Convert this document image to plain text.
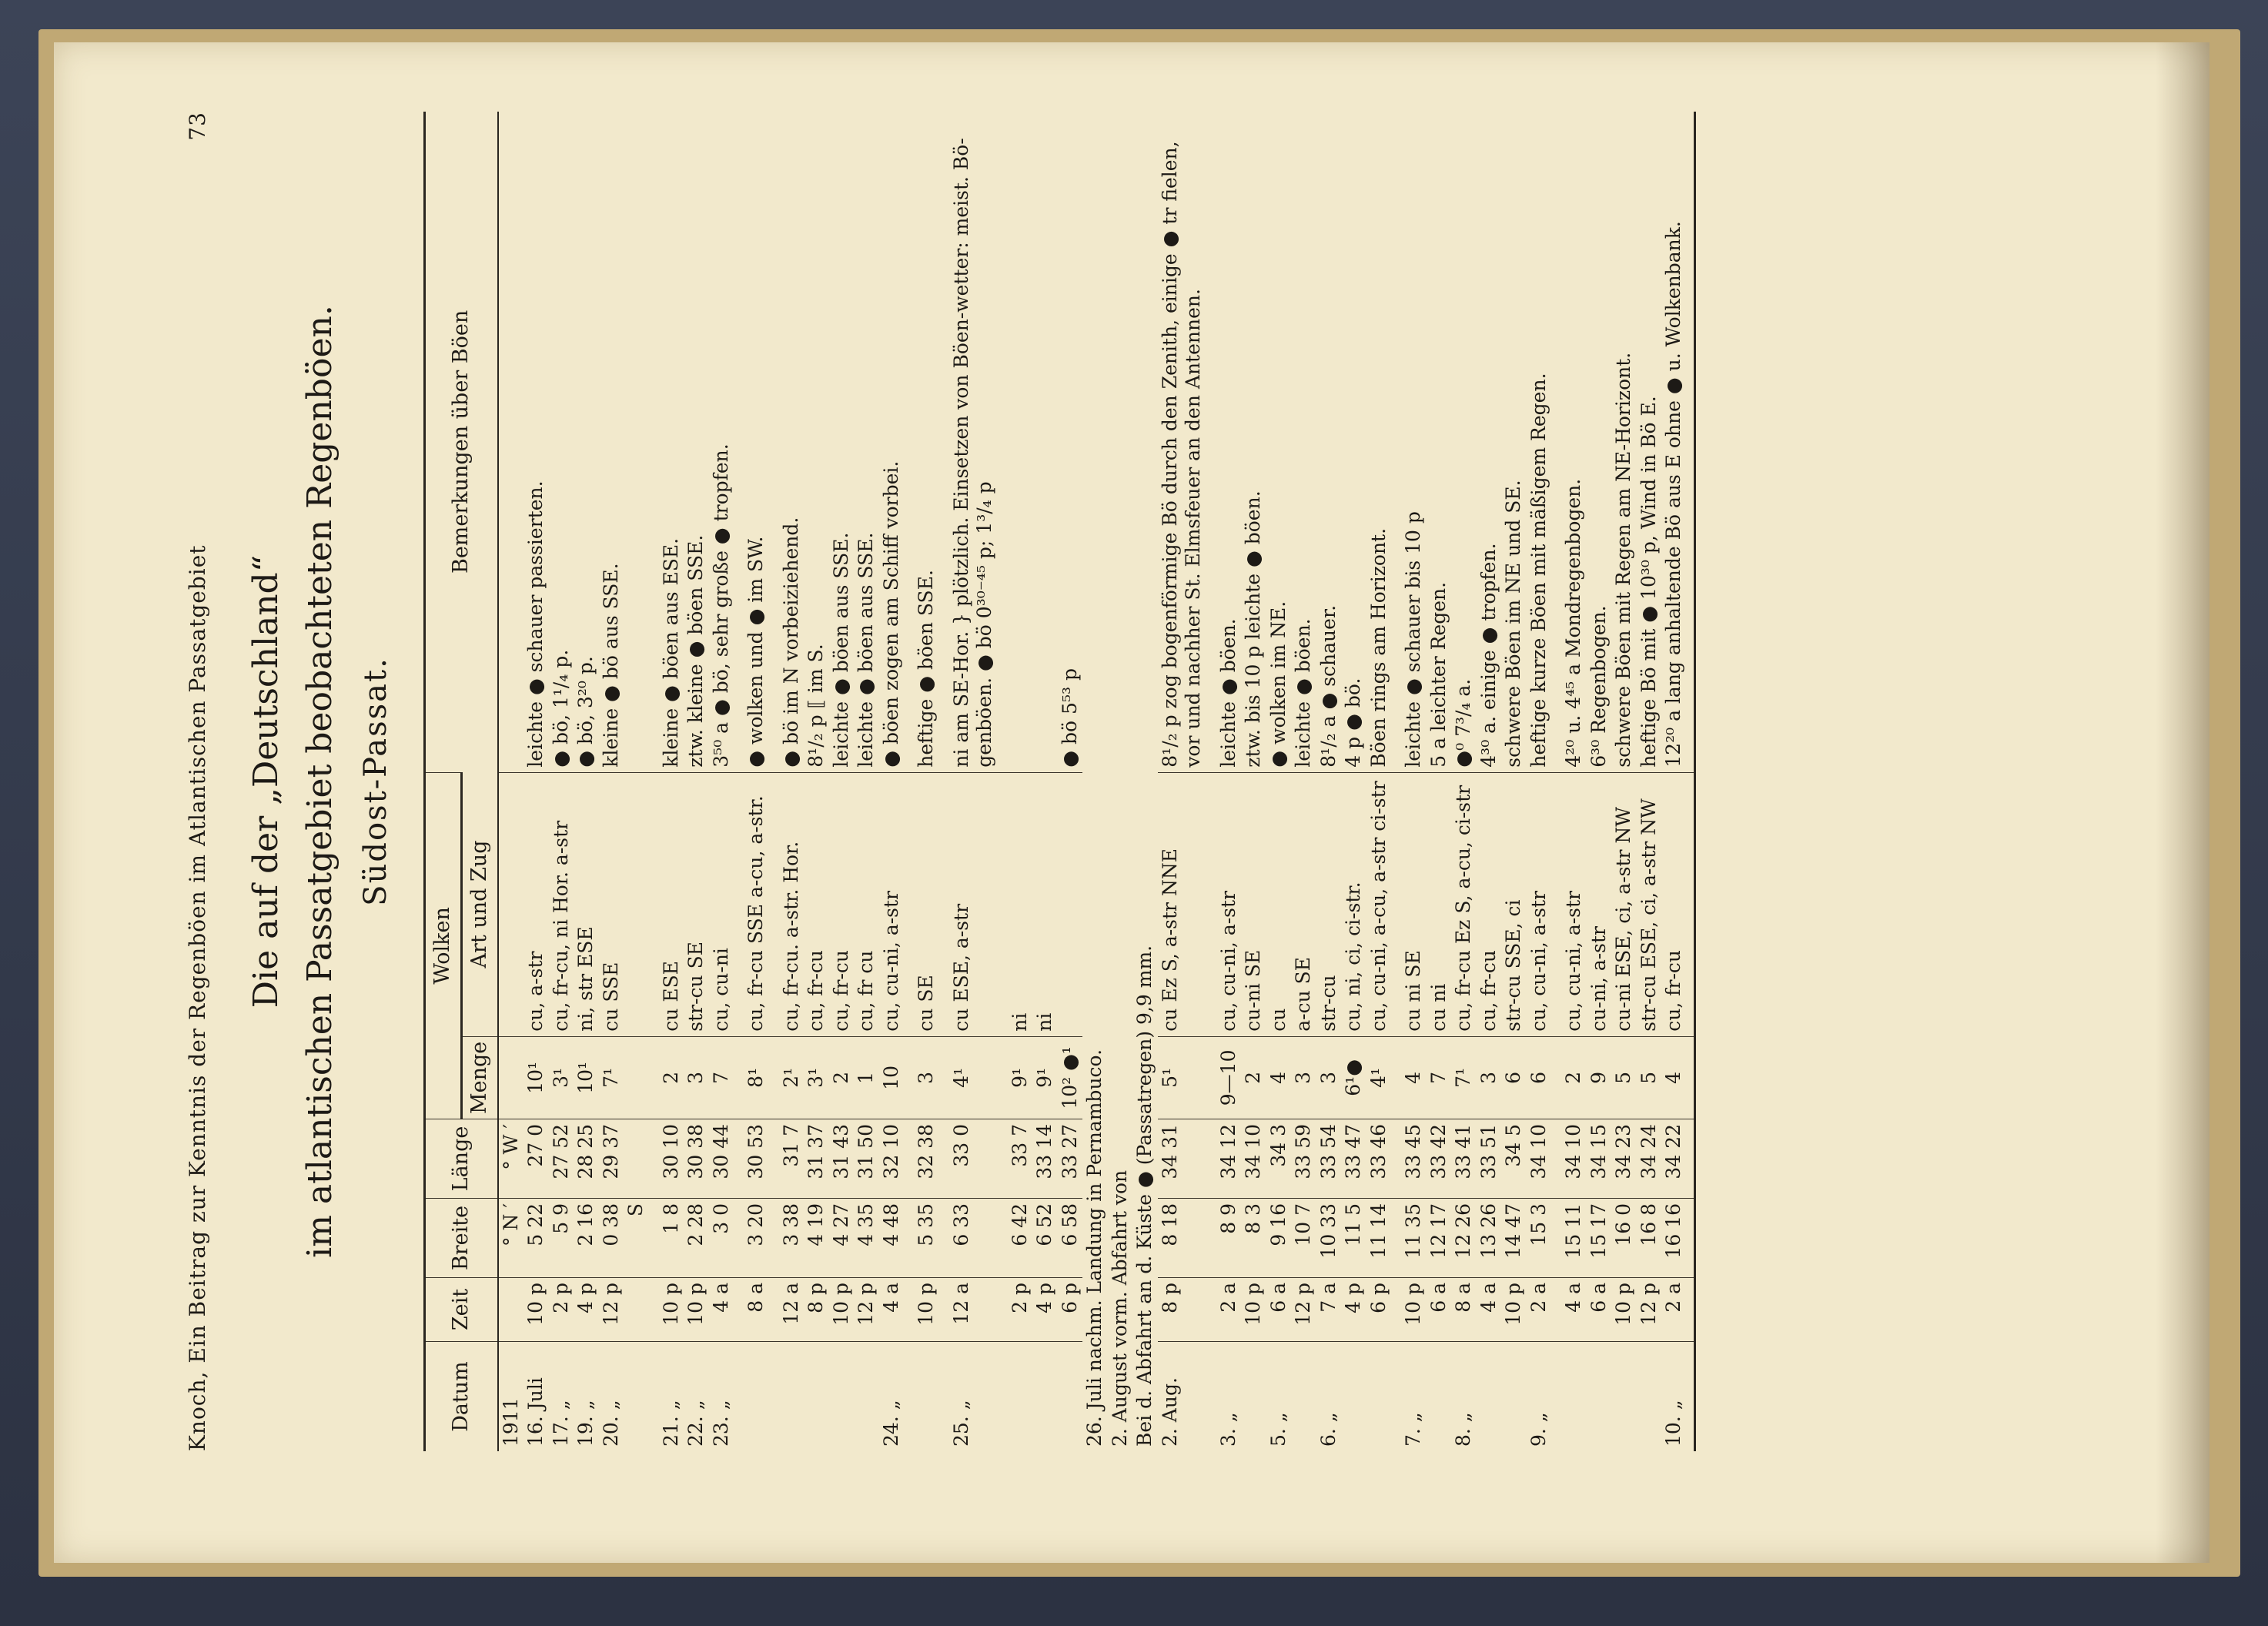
Knoch, Ein Beitrag zur Kenntnis der Regenböen im Atlantischen Passatgebiet
73
Die auf der „Deutschland“ im atlantischen Passatgebiet beobachteten Regenböen. Südost-Passat.
Datum	Zeit	Breite	Länge	Wolken		Bemerkungen über Böen
				Menge	Art und Zug	
1911		° N ′	° W ′			
16. Juli	10 p	5 22	27 0	10¹	cu, a-str	leichte ● schauer passierten.
17. „	2 p	5 9	27 52	3¹	cu, fr-cu, ni Hor. a-str	● bö, 1¹/₄ p.
19. „	4 p	2 16	28 25	10¹	ni, str ESE	● bö, 3²⁰ p.
20. „	12 p	0 38	29 37	7¹	cu SSE	kleine ● bö aus SSE.
		S				
21. „	10 p	1 8	30 10	2	cu ESE	kleine ● böen aus ESE.
22. „	10 p	2 28	30 38	3	str-cu SE	ztw. kleine ● böen SSE.
23. „	4 a	3 0	30 44	7	cu, cu-ni	3⁵⁰ a ● bö, sehr große ● tropfen.
	8 a	3 20	30 53	8¹	cu, fr-cu SSE a-cu, a-str.	● wolken und ● im SW.
	12 a	3 38	31 7	2¹	cu, fr-cu. a-str. Hor.	● bö im N vorbeiziehend.
	8 p	4 19	31 37	3¹	cu, fr-cu	8¹/₂ p ⟦ im S.
	10 p	4 27	31 43	2	cu, fr-cu	leichte ● böen aus SSE.
	12 p	4 35	31 50	1	cu, fr cu	leichte ● böen aus SSE.
24. „	4 a	4 48	32 10	10	cu, cu-ni, a-str	● böen zogen am Schiff vorbei.
	10 p	5 35	32 38	3	cu SE	heftige ● böen SSE.
25. „	12 a	6 33	33 0	4¹	cu ESE, a-str	ni am SE-Hor. } plötzlich. Einsetzen von Böen-wetter: meist. Bö-genböen. ● bö 0³⁰⁻⁴⁵ p; 1³/₄ p
	2 p	6 42	33 7	9¹	ni	
	4 p	6 52	33 14	9¹	ni	
	6 p	6 58	33 27	10² ●¹		● bö 5⁵³ p
26. Juli nachm. Landung in Pernambuco.						
2. August vorm. Abfahrt von						
Bei d. Abfahrt an d. Küste ● (Passatregen) 9,9 mm.						
2. Aug.	8 p	8 18	34 31	5¹	cu Ez S, a-str NNE	8¹/₂ p zog bogenförmige Bö durch den Zenith, einige ● tr fielen, vor und nachher St. Elmsfeuer an den Antennen.
3. „	2 a	8 9	34 12	9—10	cu, cu-ni, a-str	leichte ● böen.
	10 p	8 3	34 10	2	cu-ni SE	ztw. bis 10 p leichte ● böen.
5. „	6 a	9 16	34 3	4	cu	● wolken im NE.
	12 p	10 7	33 59	3	a-cu SE	leichte ● böen.
6. „	7 a	10 33	33 54	3	str-cu	8¹/₂ a ● schauer.
	4 p	11 5	33 47	6¹●	cu, ni, ci, ci-str.	4 p ● bö.
	6 p	11 14	33 46	4¹	cu, cu-ni, a-cu, a-str ci-str	Böen rings am Horizont.
7. „	10 p	11 35	33 45	4	cu ni SE	leichte ● schauer bis 10 p
	6 a	12 17	33 42	7	cu ni	5 a leichter Regen.
8. „	8 a	12 26	33 41	7¹	cu, fr-cu Ez S, a-cu, ci-str	●⁰ 7³/₄ a.
	4 a	13 26	33 51	3	cu, fr-cu	4³⁰ a. einige ● tropfen.
	10 p	14 47	34 5	6	str-cu SSE, ci	schwere Böen im NE und SE.
9. „	2 a	15 3	34 10	6	cu, cu-ni, a-str	heftige kurze Böen mit mäßigem Regen.
	4 a	15 11	34 10	2	cu, cu-ni, a-str	4²⁰ u. 4⁴⁵ a Mondregenbogen.
	6 a	15 17	34 15	9	cu-ni, a-str	6³⁰ Regenbogen.
	10 p	16 0	34 23	5	cu-ni ESE, ci, a-str NW	schwere Böen mit Regen am NE-Horizont.
	12 p	16 8	34 24	5	str-cu ESE, ci, a-str NW	heftige Bö mit ● 10³⁰ p, Wind in Bö E.
10. „	2 a	16 16	34 22	4	cu, fr-cu	12²⁰ a lang anhaltende Bö aus E ohne ● u. Wolkenbank.
